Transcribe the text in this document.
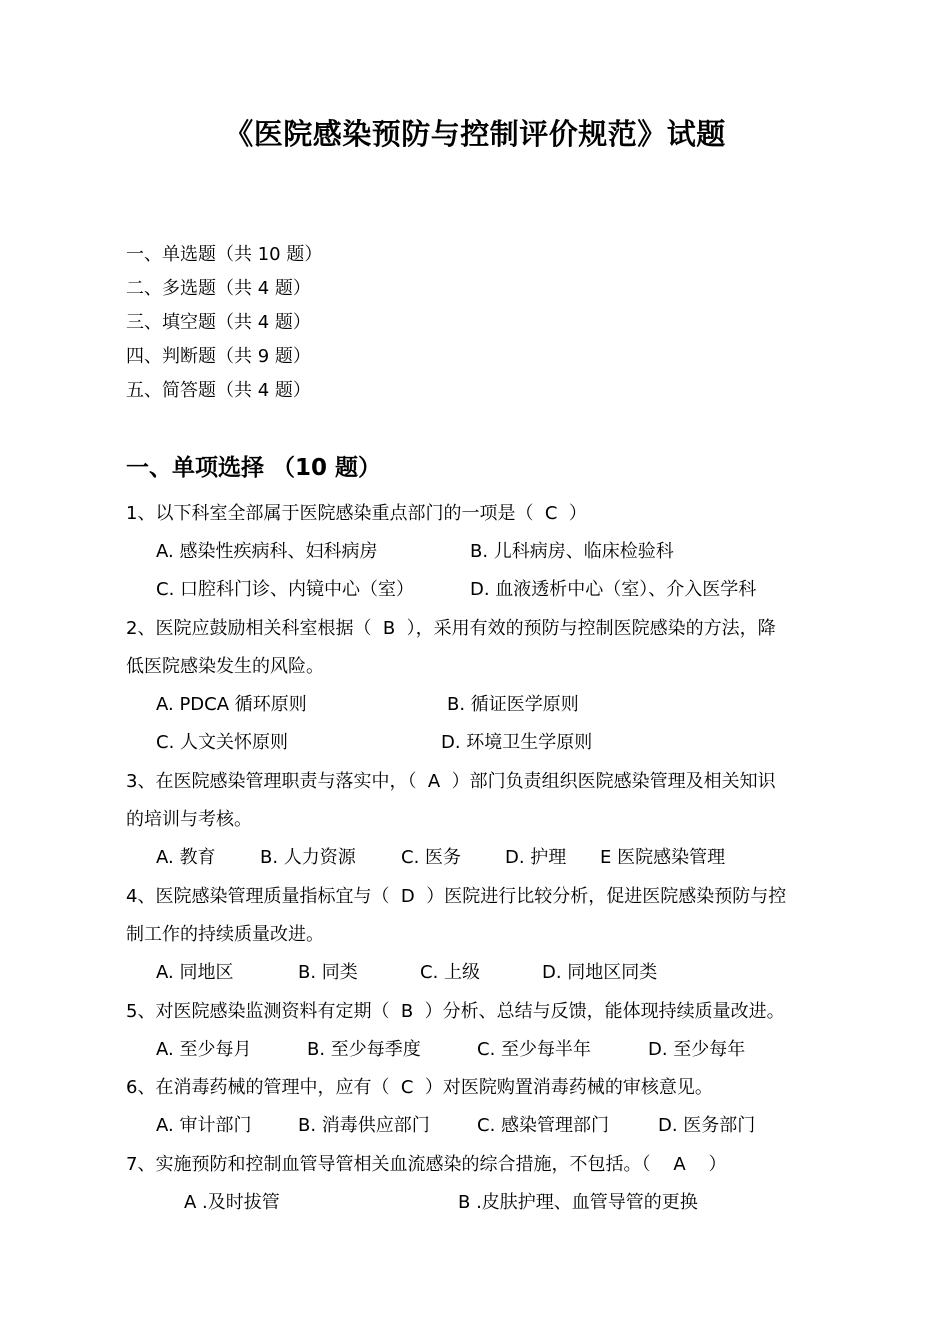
《医院感染预防与控制评价规范》试题
一、单选题（共 10 题）
二、多选题（共 4 题）
三、填空题（共 4 题）
四、判断题（共 9 题）
五、简答题（共 4 题）
一、单项选择 （10 题）
1、以下科室全部属于医院感染重点部门的一项是（  C  ）
A. 感染性疾病科、妇科病房	B. 儿科病房、临床检验科
C. 口腔科门诊、内镜中心（室）	D. 血液透析中心（室）、介入医学科
2、医院应鼓励相关科室根据（  B  ），采用有效的预防与控制医院感染的方法，降
低医院感染发生的风险。
A. PDCA 循环原则	B. 循证医学原则
C. 人文关怀原则	D. 环境卫生学原则
3、在医院感染管理职责与落实中，（  A  ）部门负责组织医院感染管理及相关知识
的培训与考核。
A. 教育 B. 人力资源	C. 医务 D. 护理 E 医院感染管理
4、医院感染管理质量指标宜与（  D  ）医院进行比较分析，促进医院感染预防与控
制工作的持续质量改进。
A. 同地区	B. 同类	C. 上级	D. 同地区同类
5、对医院感染监测资料有定期（  B  ）分析、总结与反馈，能体现持续质量改进。
A. 至少每月	B. 至少每季度	C. 至少每半年	D. 至少每年
6、在消毒药械的管理中，应有（  C  ）对医院购置消毒药械的审核意见。
A. 审计部门	B. 消毒供应部门	C. 感染管理部门	D. 医务部门
7、实施预防和控制血管导管相关血流感染的综合措施，不包括。（    A    ）
A .及时拔管	B .皮肤护理、血管导管的更换
